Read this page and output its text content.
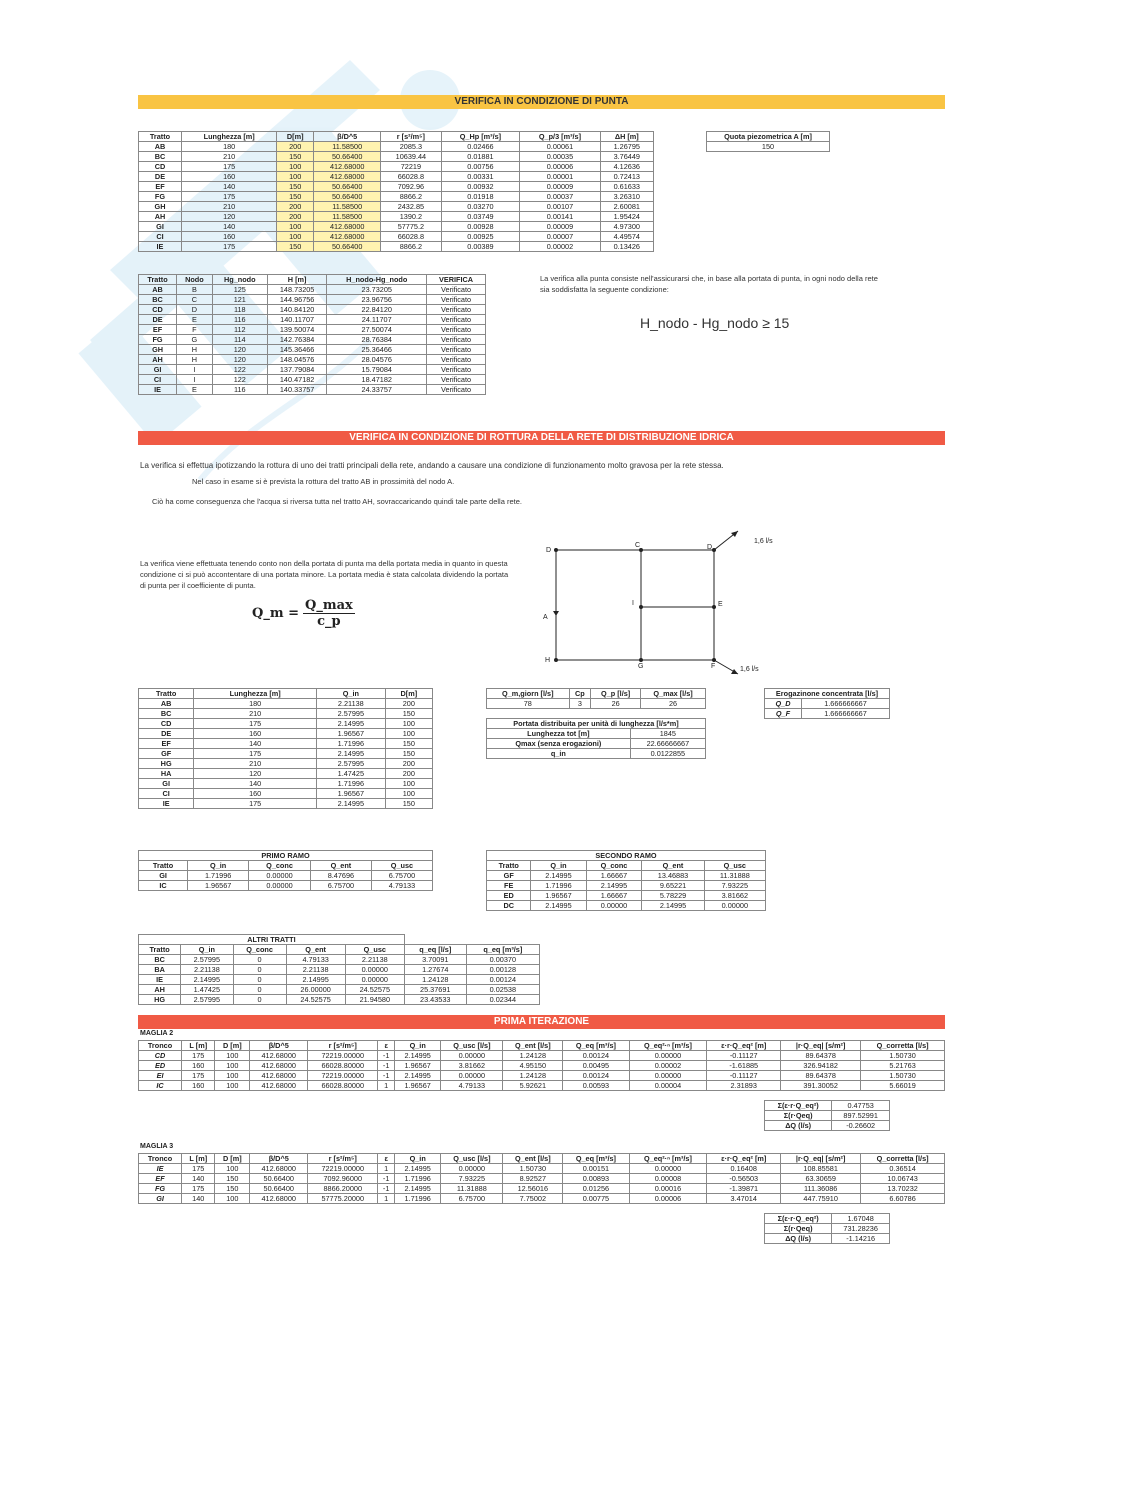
VERIFICA IN CONDIZIONE DI PUNTA
Tratto	Lunghezza [m]	D[m]	β/D^5	r [s²/m⁵]	Q_Hp [m³/s]	Q_p/3 [m³/s]	ΔH [m]
AB	180	200	11.58500	2085.3	0.02466	0.00061	1.26795
BC	210	150	50.66400	10639.44	0.01881	0.00035	3.76449
CD	175	100	412.68000	72219	0.00756	0.00006	4.12636
DE	160	100	412.68000	66028.8	0.00331	0.00001	0.72413
EF	140	150	50.66400	7092.96	0.00932	0.00009	0.61633
FG	175	150	50.66400	8866.2	0.01918	0.00037	3.26310
GH	210	200	11.58500	2432.85	0.03270	0.00107	2.60081
AH	120	200	11.58500	1390.2	0.03749	0.00141	1.95424
GI	140	100	412.68000	57775.2	0.00928	0.00009	4.97300
CI	160	100	412.68000	66028.8	0.00925	0.00007	4.49574
IE	175	150	50.66400	8866.2	0.00389	0.00002	0.13426
Quota piezometrica A [m]
150
Tratto	Nodo	Hg_nodo	H [m]	H_nodo-Hg_nodo	VERIFICA
AB	B	125	148.73205	23.73205	Verificato
BC	C	121	144.96756	23.96756	Verificato
CD	D	118	140.84120	22.84120	Verificato
DE	E	116	140.11707	24.11707	Verificato
EF	F	112	139.50074	27.50074	Verificato
FG	G	114	142.76384	28.76384	Verificato
GH	H	120	145.36466	25.36466	Verificato
AH	H	120	148.04576	28.04576	Verificato
GI	I	122	137.79084	15.79084	Verificato
CI	I	122	140.47182	18.47182	Verificato
IE	E	116	140.33757	24.33757	Verificato
La verifica alla punta consiste nell'assicurarsi che, in base alla portata di punta, in ogni nodo della rete sia soddisfatta la seguente condizione:
H_nodo - Hg_nodo ≥ 15
VERIFICA IN CONDIZIONE DI ROTTURA DELLA RETE DI DISTRIBUZIONE IDRICA
La verifica si effettua ipotizzando la rottura di uno dei tratti principali della rete, andando a causare una condizione di funzionamento molto gravosa per la rete stessa.
Nel caso in esame si è prevista la rottura del tratto AB in prossimità del nodo A.
Ciò ha come conseguenza che l'acqua si riversa tutta nel tratto AH, sovraccaricando quindi tale parte della rete.
La verifica viene effettuata tenendo conto non della portata di punta ma della portata media in quanto in questa condizione ci si può accontentare di una portata minore. La portata media è stata calcolata dividendo la portata di punta per il coefficiente di punta.
Q_m =
Q_max
c_p
D
C	D
A
I	E
H
G	F
1,6 l/s
1,6 l/s
Tratto	Lunghezza [m]	Q_in	D[m]
AB	180	2.21138	200
BC	210	2.57995	150
CD	175	2.14995	100
DE	160	1.96567	100
EF	140	1.71996	150
GF	175	2.14995	150
HG	210	2.57995	200
HA	120	1.47425	200
GI	140	1.71996	100
CI	160	1.96567	100
IE	175	2.14995	150
Q_m,giorn [l/s]	Cp	Q_p [l/s]	Q_max [l/s]
78	3	26	26
Portata distribuita per unità di lunghezza [l/s*m]	
Lunghezza tot [m]	1845
Qmax (senza erogazioni)	22.66666667
q_in	0.0122855
Erogazinone concentrata [l/s]	
Q_D	1.666666667
Q_F	1.666666667
PRIMO RAMO				
Tratto	Q_in	Q_conc	Q_ent	Q_usc
GI	1.71996	0.00000	8.47696	6.75700
IC	1.96567	0.00000	6.75700	4.79133
SECONDO RAMO				
Tratto	Q_in	Q_conc	Q_ent	Q_usc
GF	2.14995	1.66667	13.46883	11.31888
FE	1.71996	2.14995	9.65221	7.93225
ED	1.96567	1.66667	5.78229	3.81662
DC	2.14995	0.00000	2.14995	0.00000
ALTRI TRATTI						
Tratto	Q_in	Q_conc	Q_ent	Q_usc	q_eq [l/s]	q_eq [m³/s]
BC	2.57995	0	4.79133	2.21138	3.70091	0.00370
BA	2.21138	0	2.21138	0.00000	1.27674	0.00128
IE	2.14995	0	2.14995	0.00000	1.24128	0.00124
AH	1.47425	0	26.00000	24.52575	25.37691	0.02538
HG	2.57995	0	24.52575	21.94580	23.43533	0.02344
PRIMA ITERAZIONE
MAGLIA 2
Tronco	L [m]	D [m]	β/D^5	r [s²/m⁵]	ε	Q_in	Q_usc [l/s]	Q_ent [l/s]	Q_eq [m³/s]	Q_eq²·ⁿ [m³/s]	ε·r·Q_eq² [m]	|r·Q_eq| [s/m²]	Q_corretta [l/s]
CD	175	100	412.68000	72219.00000	-1	2.14995	0.00000	1.24128	0.00124	0.00000	-0.11127	89.64378	1.50730
ED	160	100	412.68000	66028.80000	-1	1.96567	3.81662	4.95150	0.00495	0.00002	-1.61885	326.94182	5.21763
EI	175	100	412.68000	72219.00000	-1	2.14995	0.00000	1.24128	0.00124	0.00000	-0.11127	89.64378	1.50730
IC	160	100	412.68000	66028.80000	1	1.96567	4.79133	5.92621	0.00593	0.00004	2.31893	391.30052	5.66019
Σ(ε·r·Q_eq²)	0.47753
Σ(r·Qeq)	897.52991
ΔQ (l/s)	-0.26602
MAGLIA 3
Tronco	L [m]	D [m]	β/D^5	r [s²/m⁵]	ε	Q_in	Q_usc [l/s]	Q_ent [l/s]	Q_eq [m³/s]	Q_eq²·ⁿ [m³/s]	ε·r·Q_eq² [m]	|r·Q_eq| [s/m²]	Q_corretta [l/s]
IE	175	100	412.68000	72219.00000	1	2.14995	0.00000	1.50730	0.00151	0.00000	0.16408	108.85581	0.36514
EF	140	150	50.66400	7092.96000	-1	1.71996	7.93225	8.92527	0.00893	0.00008	-0.56503	63.30659	10.06743
FG	175	150	50.66400	8866.20000	-1	2.14995	11.31888	12.56016	0.01256	0.00016	-1.39871	111.36086	13.70232
GI	140	100	412.68000	57775.20000	1	1.71996	6.75700	7.75002	0.00775	0.00006	3.47014	447.75910	6.60786
Σ(ε·r·Q_eq²)	1.67048
Σ(r·Qeq)	731.28236
ΔQ (l/s)	-1.14216
